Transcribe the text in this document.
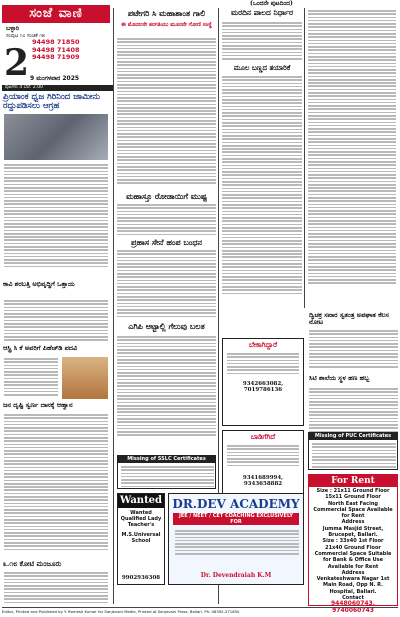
ಸಂಜೆ ವಾಣಿ
ಬಳ್ಳಾರಿ
ಸಂಪುಟ ೧೦ ಸಂಚಿಕೆ ೧೫
94498 71850
94498 71408
94498 71909
2 9 ಮಂಗಳವಾರ 2025
ಪುಟಗಳು 4 ಬೆಲೆ: 2.00
(ಒಂದನೇ ಪುಟದಿಂದ)
ಪ್ರಿಯಾಂಕ ಧ್ವಜ ಗಿರಿನಿಂದ ಜಾಮೀನು ರದ್ದುಪಡಿಸಲು ಆಗ್ರಹ
ಕಾವಿ ಶರಬತ್ತಿ ಅಭಿವೃದ್ಧಿಗೆ ಒತ್ತಾಯ
ಆಸ್ಪ್ರಿ ಸಿ ಕೆ ಅವರಿಗೆ ಪಿಹೆಚ್‌ಡಿ ಪದವಿ
ಜನ ದೃಷ್ಟಿ ಸ್ವರ್ಣ ದಾನಕ್ಕೆ ಆಹ್ವಾನ
೩.೧೮ ಕೋಟಿ ಮಂಜೂರು
ಪಟೇಗರಿ ಸಿ ಮಹಾಶಾಂತ ಗಾಲಿ
ಈ ಮೊದಲನೇ ತರಗತಿಯು ಮೂರನೇ ಗೋಣಿ ಸಂಸ್ಥೆ
ಮಹಾಸ್ತೂ ರೋಡಾಯಿಗೆ ಮುಷ್ಟ
ಪ್ರಹಾಸ ಸೇನೆ ಹಂಪ ಬಂಧನ
ಎಗಿಪಿ ಆಟ್ಟಾಲ್ಲಿ ಗೆಲುವು ಬಲತ
ಮರದಿನ ಪಾಲದ ನಿರ್ಧಾರ
ಮೂಲ ಬಣ್ಣದ ತಯಾರಿಕೆ
ದ್ವಿಚಕ್ರ ಸವಾರ ಸ್ವತಂತ್ರ ಅಪಘಾತ ಕೆಲಸ ನೋಟ
ಸಿಟಿ ಶಾಲೆಯ ಸ್ಥಳ ಹಣ ಹಬ್ಬ
ಬೇಕಾಗಿದ್ದಾರೆ
9342663082, 7019786136
ಬಾಡಿಗೆಗಿದೆ
9341689994, 9343658882
Missing of PUC Certificates
Missing of SSLC Certificates
Wanted
Wanted Qualified Lady Teacher's
M.S.Universal School
9902936308
DR.DEV ACADEMY
JEE / NEET / CET COACHING EXCLUSIVELY FOR
Dr. Devendraiah K.M
For Rent
Size : 21x11 Ground Floor
15x11 Ground Floor
North East Facing Commercial Space Available for Rent
Address
Jumma Masjid Street, Brucepet, Ballari.
Size : 33x40 1st Floor
21x40 Ground Floor
Commercial Space Suitable for Bank & Office Use Available for Rent
Address
Venkateshwara Nagar 1st Main Road, Opp N. R. Hospital, Ballari.
Contact
9448060743, 9740060743
Editor, Printed and Published by Y. Ramesh Kumar for Sanjevani Media, Printed at Sanjevani Press, Ballari. Ph: 08392-271850
